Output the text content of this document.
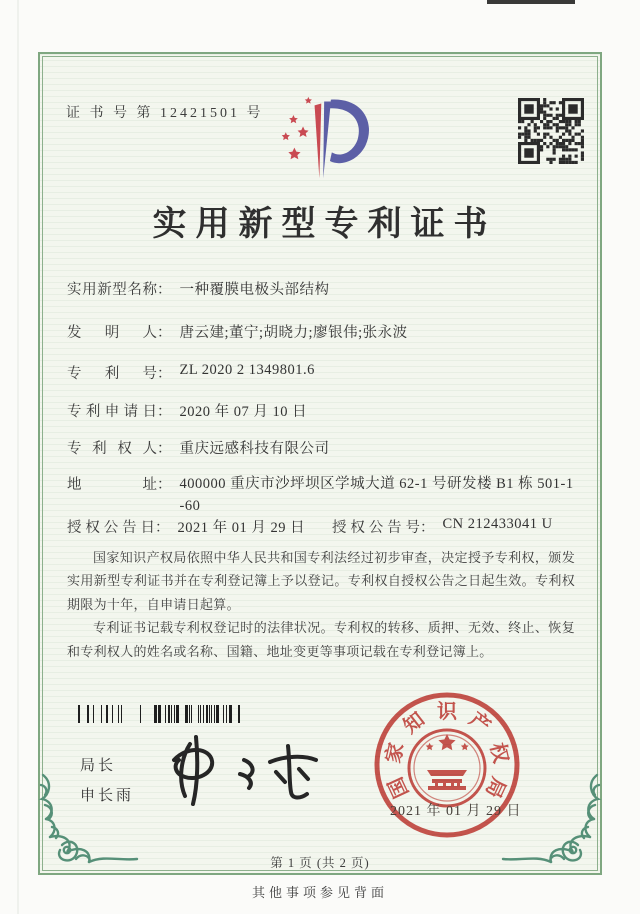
证 书 号 第 12421501 号
实用新型专利证书
实用新型名称： 一种覆膜电极头部结构
发明人： 唐云建;董宁;胡晓力;廖银伟;张永波
专利号： ZL 2020 2 1349801.6
专利申请日： 2020 年 07 月 10 日
专利权人： 重庆远感科技有限公司
地址： 400000 重庆市沙坪坝区学城大道 62-1 号研发楼 B1 栋 501-1
-60
授权公告日： 2021 年 01 月 29 日 授权公告号： CN 212433041 U

国家知识产权局依照中华人民共和国专利法经过初步审查，决定授予专利权，颁发实用新型专利证书并在专利登记簿上予以登记。专利权自授权公告之日起生效。专利权期限为十年，自申请日起算。

专利证书记载专利权登记时的法律状况。专利权的转移、质押、无效、终止、恢复和专利权人的姓名或名称、国籍、地址变更等事项记载在专利登记簿上。

局长
申长雨	国
家
知 识 产
权
局
2021 年 01 月 29 日
第 1 页 (共 2 页)
其他事项参见背面
